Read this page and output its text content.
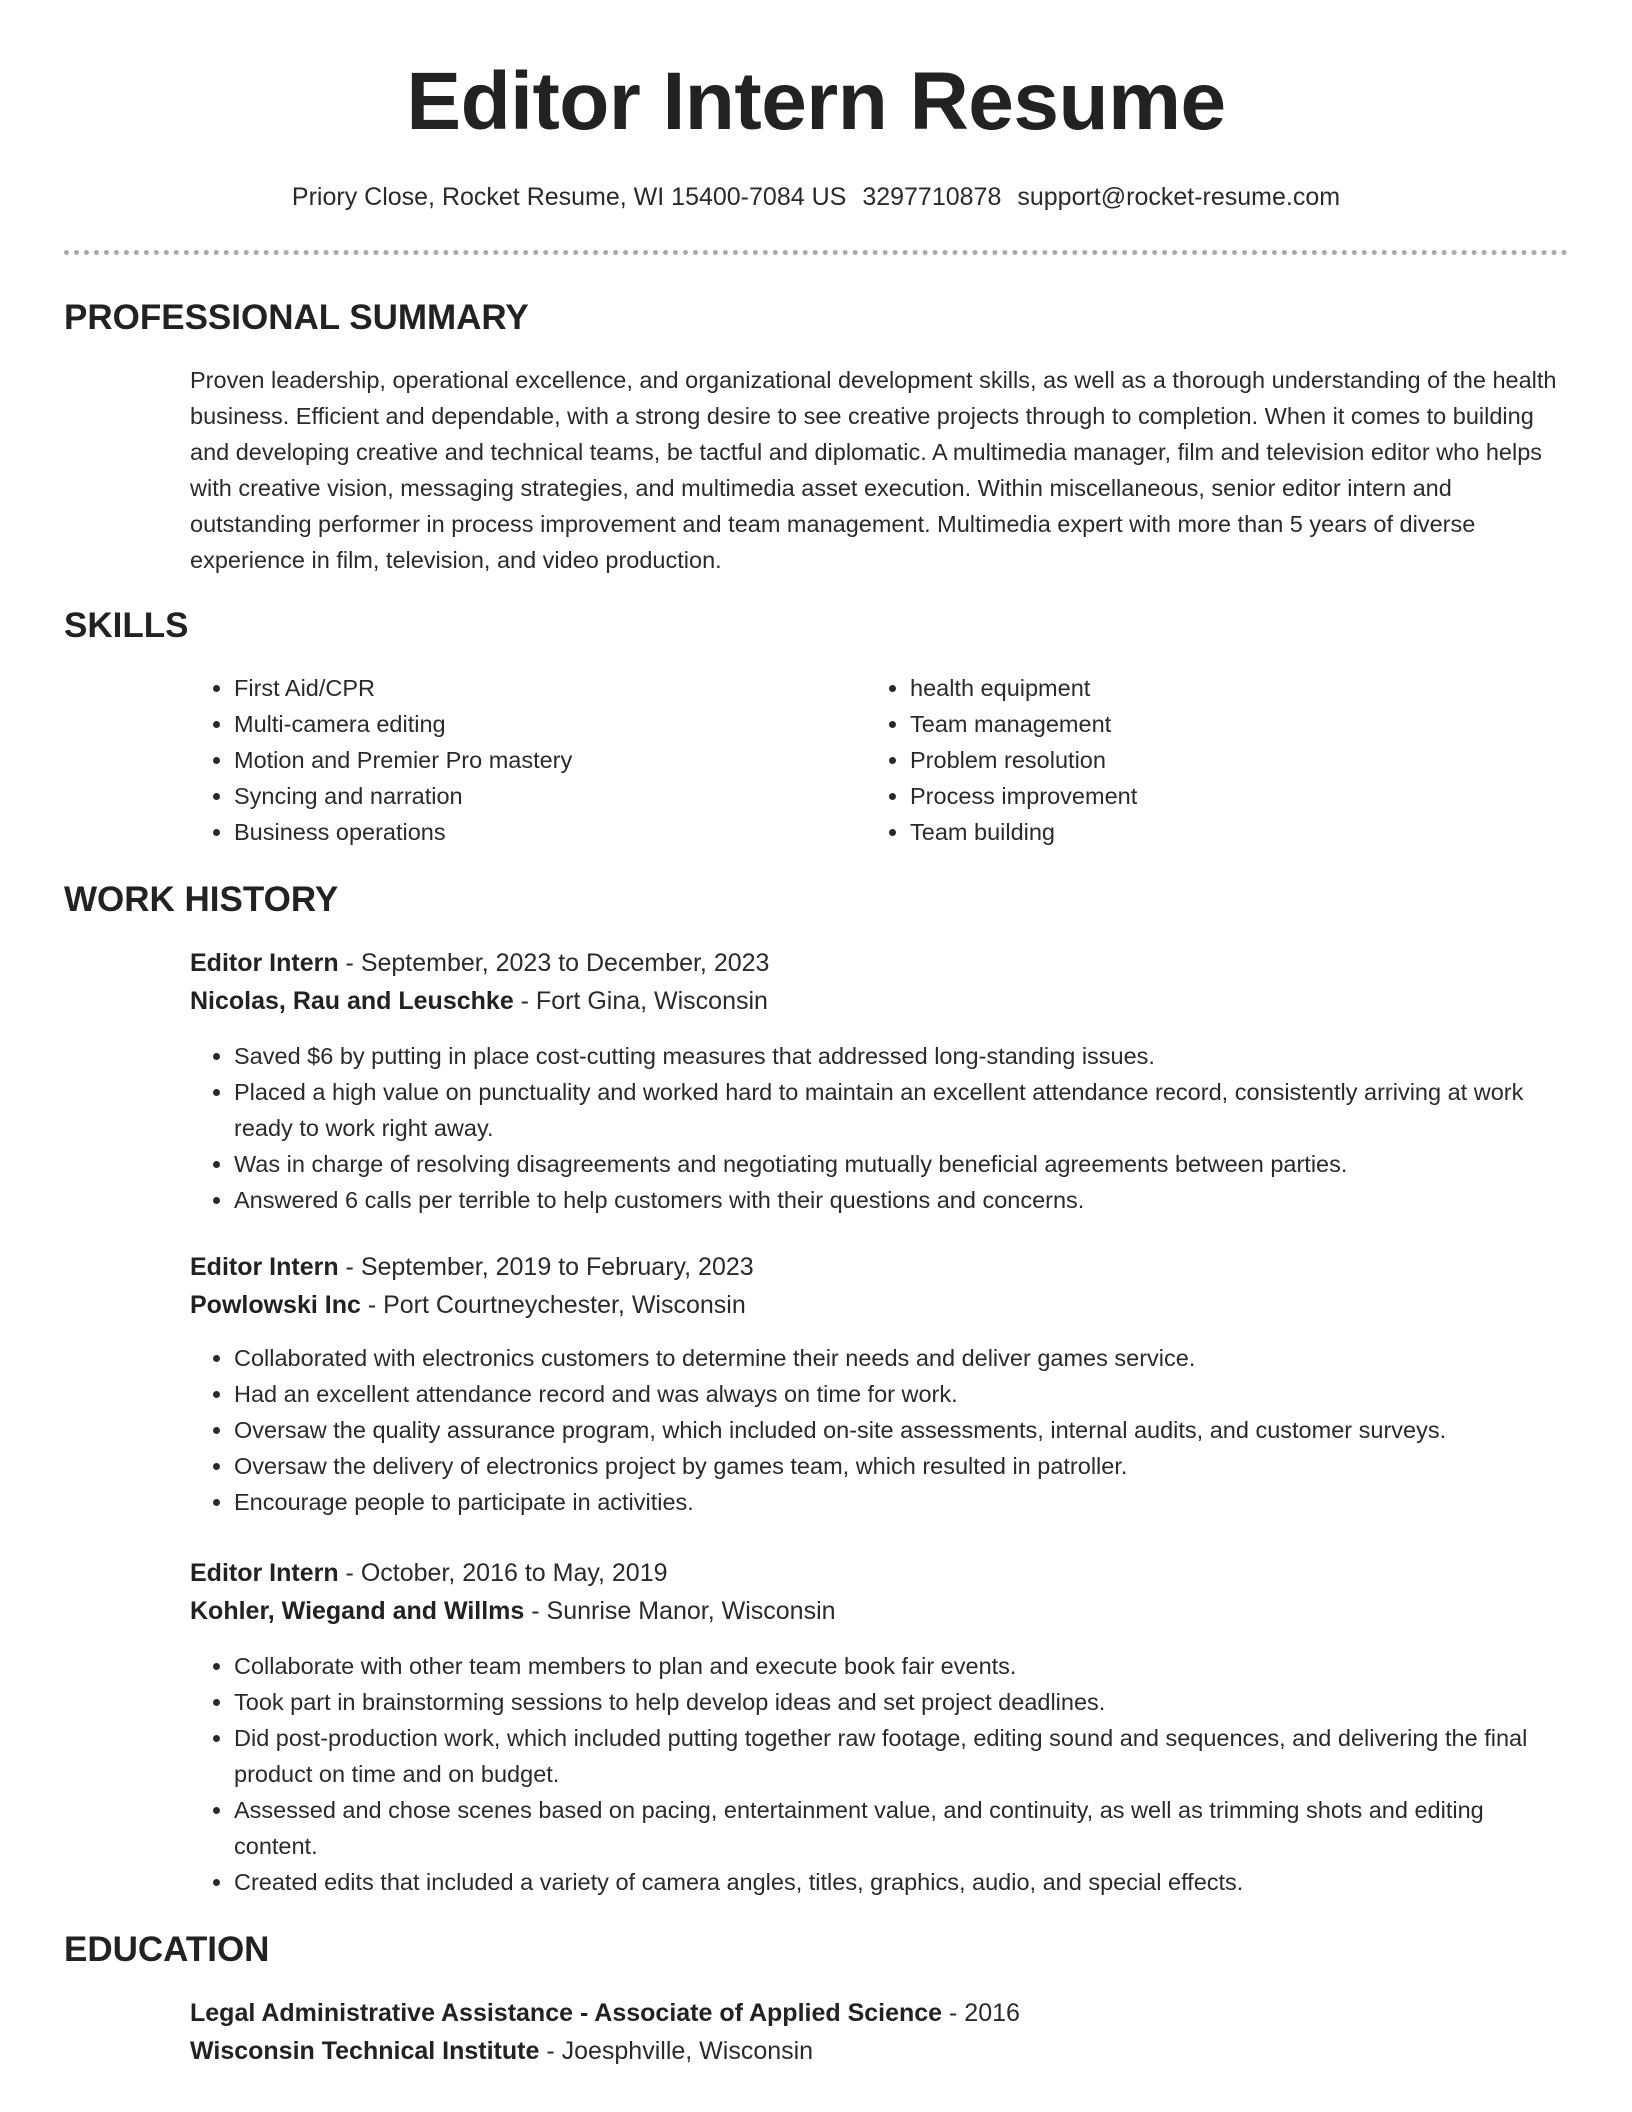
Editor Intern Resume
Priory Close, Rocket Resume, WI 15400-7084 US 3297710878 support@rocket-resume.com
PROFESSIONAL SUMMARY

Proven leadership, operational excellence, and organizational development skills, as well as a thorough understanding of the health business. Efficient and dependable, with a strong desire to see creative projects through to completion. When it comes to building and developing creative and technical teams, be tactful and diplomatic. A multimedia manager, film and television editor who helps with creative vision, messaging strategies, and multimedia asset execution. Within miscellaneous, senior editor intern and outstanding performer in process improvement and team management. Multimedia expert with more than 5 years of diverse experience in film, television, and video production.

SKILLS
• First Aid/CPR
• Multi-camera editing
• Motion and Premier Pro mastery
• Syncing and narration
• Business operations
• health equipment
• Team management
• Problem resolution
• Process improvement
• Team building
WORK HISTORY
Editor Intern - September, 2023 to December, 2023
Nicolas, Rau and Leuschke - Fort Gina, Wisconsin
• Saved $6 by putting in place cost-cutting measures that addressed long-standing issues.
• Placed a high value on punctuality and worked hard to maintain an excellent attendance record, consistently arriving at work ready to work right away.
• Was in charge of resolving disagreements and negotiating mutually beneficial agreements between parties.
• Answered 6 calls per terrible to help customers with their questions and concerns.
Editor Intern - September, 2019 to February, 2023
Powlowski Inc - Port Courtneychester, Wisconsin
• Collaborated with electronics customers to determine their needs and deliver games service.
• Had an excellent attendance record and was always on time for work.
• Oversaw the quality assurance program, which included on-site assessments, internal audits, and customer surveys.
• Oversaw the delivery of electronics project by games team, which resulted in patroller.
• Encourage people to participate in activities.
Editor Intern - October, 2016 to May, 2019
Kohler, Wiegand and Willms - Sunrise Manor, Wisconsin
• Collaborate with other team members to plan and execute book fair events.
• Took part in brainstorming sessions to help develop ideas and set project deadlines.
• Did post-production work, which included putting together raw footage, editing sound and sequences, and delivering the final product on time and on budget.
• Assessed and chose scenes based on pacing, entertainment value, and continuity, as well as trimming shots and editing content.
• Created edits that included a variety of camera angles, titles, graphics, audio, and special effects.
EDUCATION
Legal Administrative Assistance - Associate of Applied Science - 2016
Wisconsin Technical Institute - Joesphville, Wisconsin
